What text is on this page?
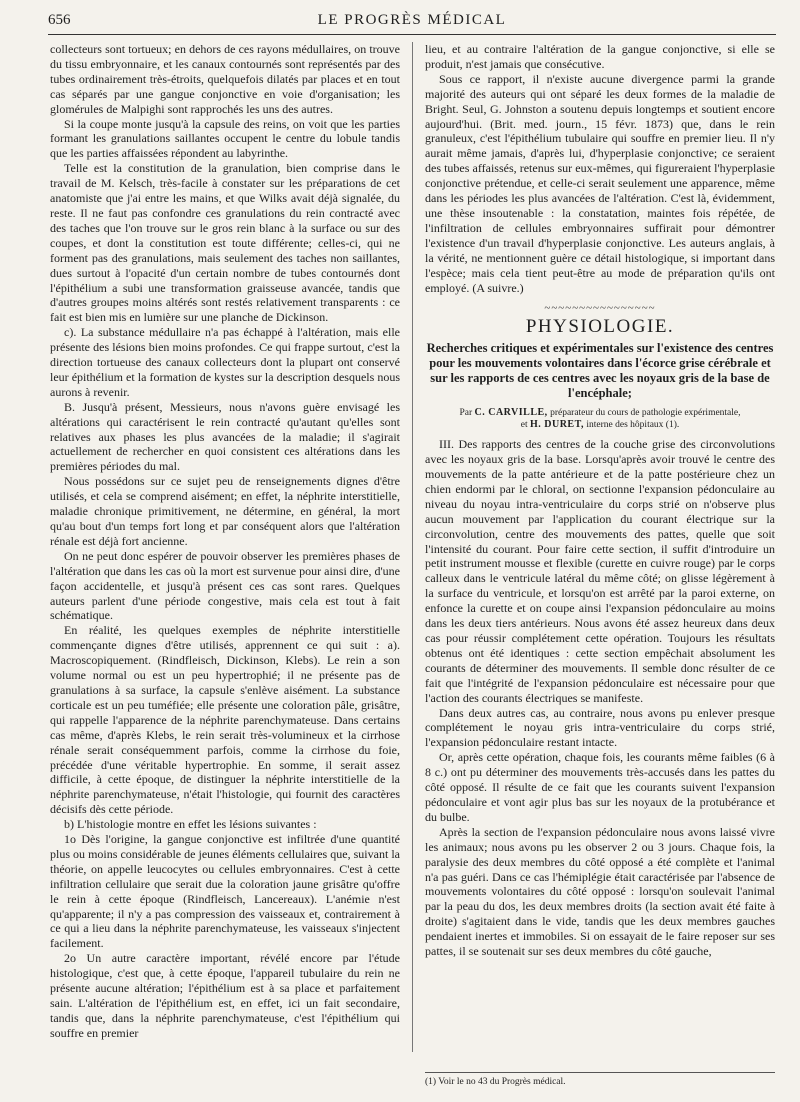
656	LE PROGRÈS MÉDICAL

collecteurs sont tortueux; en dehors de ces rayons médullaires, on trouve du tissu embryonnaire, et les canaux contournés sont représentés par des tubes ordinairement très-étroits, quelquefois dilatés par places et en tout cas séparés par une gangue conjonctive en voie d'organisation; les glomérules de Malpighi sont rapprochés les uns des autres.

Si la coupe monte jusqu'à la capsule des reins, on voit que les parties formant les granulations saillantes occupent le centre du lobule tandis que les parties affaissées répondent au labyrinthe.

Telle est la constitution de la granulation, bien comprise dans le travail de M. Kelsch, très-facile à constater sur les préparations de cet anatomiste que j'ai entre les mains, et que Wilks avait déjà signalée, du reste. Il ne faut pas confondre ces granulations du rein contracté avec des taches que l'on trouve sur le gros rein blanc à la surface ou sur des coupes, et dont la constitution est toute différente; celles-ci, qui ne forment pas des granulations, mais seulement des taches non saillantes, dues surtout à l'opacité d'un certain nombre de tubes contournés dont l'épithélium a subi une transformation graisseuse avancée, tandis que d'autres groupes moins altérés sont restés relativement transparents : ce fait est bien mis en lumière sur une planche de Dickinson.

c). La substance médullaire n'a pas échappé à l'altération, mais elle présente des lésions bien moins profondes. Ce qui frappe surtout, c'est la direction tortueuse des canaux collecteurs dont la plupart ont conservé leur épithélium et la formation de kystes sur la description desquels nous aurons à revenir.

B. Jusqu'à présent, Messieurs, nous n'avons guère envisagé les altérations qui caractérisent le rein contracté qu'autant qu'elles sont relatives aux phases les plus avancées de la maladie; il s'agirait actuellement de rechercher en quoi consistent ces altérations dans les premières périodes du mal.

Nous possédons sur ce sujet peu de renseignements dignes d'être utilisés, et cela se comprend aisément; en effet, la néphrite interstitielle, maladie chronique primitivement, ne détermine, en général, la mort qu'au bout d'un temps fort long et par conséquent alors que l'altération rénale est déjà fort ancienne.

On ne peut donc espérer de pouvoir observer les premières phases de l'altération que dans les cas où la mort est survenue pour ainsi dire, d'une façon accidentelle, et jusqu'à présent ces cas sont rares. Quelques auteurs parlent d'une période congestive, mais cela est tout à fait schématique.

En réalité, les quelques exemples de néphrite interstitielle commençante dignes d'être utilisés, apprennent ce qui suit : a). Macroscopiquement. (Rindfleisch, Dickinson, Klebs). Le rein a son volume normal ou est un peu hypertrophié; il ne présente pas de granulations à sa surface, la capsule s'enlève aisément. La substance corticale est un peu tuméfiée; elle présente une coloration pâle, grisâtre, qui rappelle l'apparence de la néphrite parenchymateuse. Dans certains cas même, d'après Klebs, le rein serait très-volumineux et la cirrhose rénale serait conséquemment parfois, comme la cirrhose du foie, précédée d'une véritable hypertrophie. En somme, il serait assez difficile, à cette époque, de distinguer la néphrite interstitielle de la néphrite parenchymateuse, n'était l'histologie, qui fournit des caractères décisifs dès cette période.

b) L'histologie montre en effet les lésions suivantes :

1o Dès l'origine, la gangue conjonctive est infiltrée d'une quantité plus ou moins considérable de jeunes éléments cellulaires que, suivant la théorie, on appelle leucocytes ou cellules embryonnaires. C'est à cette infiltration cellulaire que serait due la coloration jaune grisâtre qu'offre le rein à cette époque (Rindfleisch, Lancereaux). L'anémie n'est qu'apparente; il n'y a pas compression des vaisseaux et, contrairement à ce qui a lieu dans la néphrite parenchymateuse, les vaisseaux s'injectent facilement.

2o Un autre caractère important, révélé encore par l'étude histologique, c'est que, à cette époque, l'appareil tubulaire du rein ne présente aucune altération; l'épithélium est à sa place et parfaitement sain. L'altération de l'épithélium est, en effet, ici un fait secondaire, tandis que, dans la néphrite parenchymateuse, c'est l'épithélium qui souffre en premier

lieu, et au contraire l'altération de la gangue conjonctive, si elle se produit, n'est jamais que consécutive.

Sous ce rapport, il n'existe aucune divergence parmi la grande majorité des auteurs qui ont séparé les deux formes de la maladie de Bright. Seul, G. Johnston a soutenu depuis longtemps et soutient encore aujourd'hui. (Brit. med. journ., 15 févr. 1873) que, dans le rein granuleux, c'est l'épithélium tubulaire qui souffre en premier lieu. Il n'y aurait même jamais, d'après lui, d'hyperplasie conjonctive; ce seraient des tubes affaissés, retenus sur eux-mêmes, qui figureraient l'hyperplasie conjonctive prétendue, et celle-ci serait seulement une apparence, même dans les périodes les plus avancées de l'altération. C'est là, évidemment, une thèse insoutenable : la constatation, maintes fois répétée, de l'infiltration de cellules embryonnaires suffirait pour démontrer l'existence d'un travail d'hyperplasie conjonctive. Les auteurs anglais, à la vérité, ne mentionnent guère ce détail histologique, si important dans l'espèce; mais cela tient peut-être au mode de préparation qu'ils ont employé. (A suivre.)

~~~~~~~~~~~~~~~~
PHYSIOLOGIE.
Recherches critiques et expérimentales sur l'existence des centres pour les mouvements volontaires dans l'écorce grise cérébrale et sur les rapports de ces centres avec les noyaux gris de la base de l'encéphale;
Par C. CARVILLE, préparateur du cours de pathologie expérimentale,
et H. DURET, interne des hôpitaux (1).

III. Des rapports des centres de la couche grise des circonvolutions avec les noyaux gris de la base. Lorsqu'après avoir trouvé le centre des mouvements de la patte antérieure et de la patte postérieure chez un chien endormi par le chloral, on sectionne l'expansion pédonculaire au niveau du noyau intra-ventriculaire du corps strié on n'observe plus aucun mouvement par l'application du courant électrique sur la circonvolution, centre des mouvements des pattes, quelle que soit l'intensité du courant. Pour faire cette section, il suffit d'introduire un petit instrument mousse et flexible (curette en cuivre rouge) par le corps calleux dans le ventricule latéral du même côté; on glisse légèrement à la surface du ventricule, et lorsqu'on est arrêté par la paroi externe, on enfonce la curette et on coupe ainsi l'expansion pédonculaire au moins dans les deux tiers antérieurs. Nous avons été assez heureux dans deux cas pour réussir complétement cette opération. Toujours les résultats obtenus ont été identiques : cette section empêchait absolument les courants de déterminer des mouvements. Il semble donc résulter de ce fait que l'intégrité de l'expansion pédonculaire est nécessaire pour que l'action des courants électriques se manifeste.

Dans deux autres cas, au contraire, nous avons pu enlever presque complétement le noyau gris intra-ventriculaire du corps strié, l'expansion pédonculaire restant intacte.

Or, après cette opération, chaque fois, les courants même faibles (6 à 8 c.) ont pu déterminer des mouvements très-accusés dans les pattes du côté opposé. Il résulte de ce fait que les courants suivent l'expansion pédonculaire et vont agir plus bas sur les noyaux de la protubérance et du bulbe.

Après la section de l'expansion pédonculaire nous avons laissé vivre les animaux; nous avons pu les observer 2 ou 3 jours. Chaque fois, la paralysie des deux membres du côté opposé a été complète et l'animal n'a pas guéri. Dans ce cas l'hémiplégie était caractérisée par l'absence de mouvements volontaires du côté opposé : lorsqu'on soulevait l'animal par la peau du dos, les deux membres droits (la section avait été faite à droite) s'agitaient dans le vide, tandis que les deux membres gauches pendaient inertes et immobiles. Si on essayait de le faire reposer sur ses pattes, il se soutenait sur ses deux membres du côté gauche,

(1) Voir le no 43 du Progrès médical.
